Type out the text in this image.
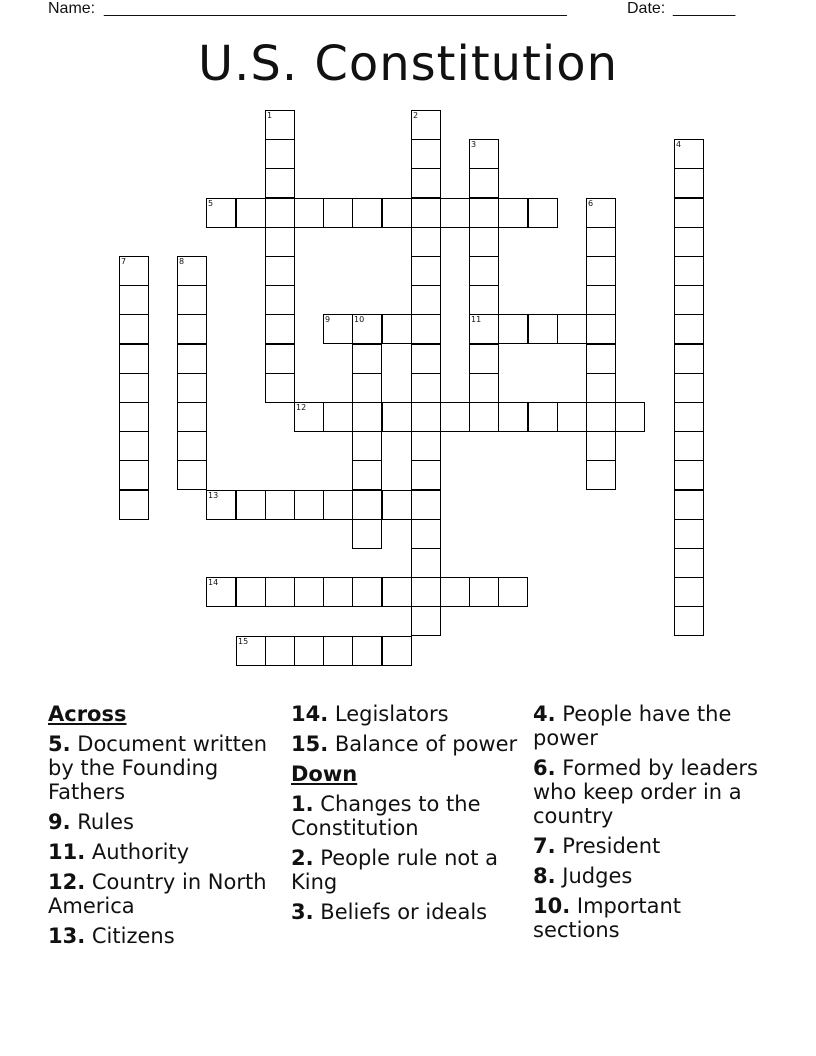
Name:

____________________________________________________

	Date:

_______

U.S. Constitution
5
9	10	11
12
13
14
15
1	2
3	4
6
7	8
Across
5. Document written by the Founding Fathers
9. Rules
11. Authority
12. Country in North America
13. Citizens
14. Legislators
15. Balance of power
Down
1. Changes to the Constitution
2. People rule not a King
3. Beliefs or ideals
4. People have the power
6. Formed by leaders who keep order in a country
7. President
8. Judges
10. Important sections
